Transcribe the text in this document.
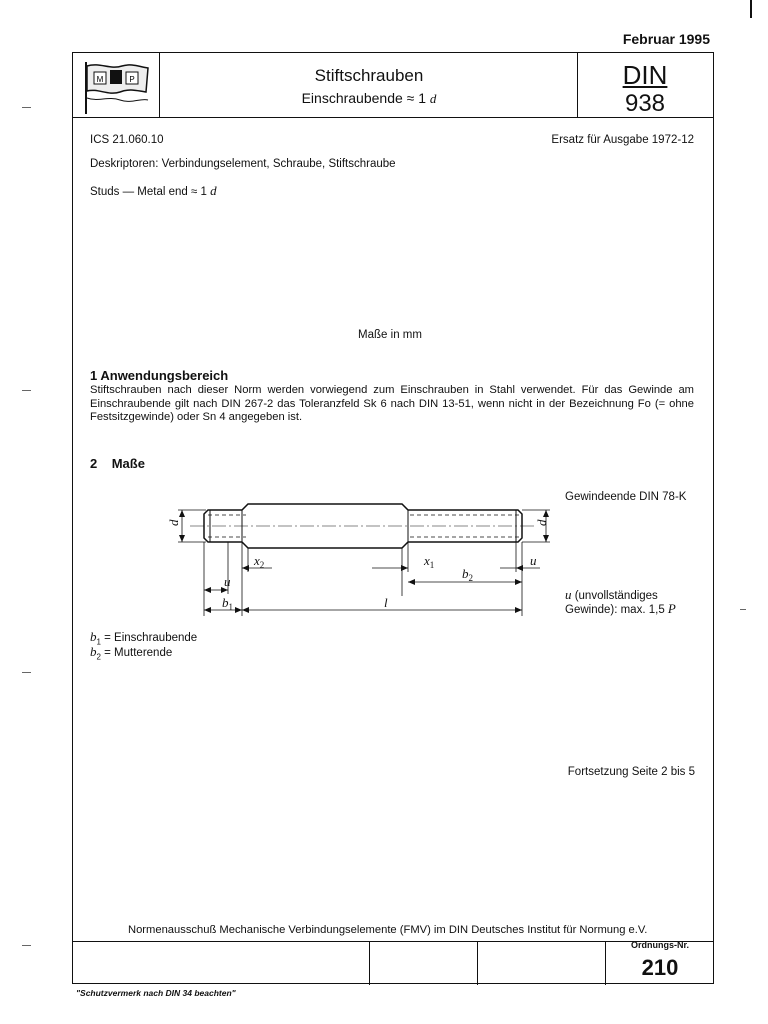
Februar 1995
M	P	Stiftschrauben
Einschraubende ≈ 1 d
DIN
938
ICS 21.060.10	Ersatz für Ausgabe 1972-12
Deskriptoren: Verbindungselement, Schraube, Stiftschraube
Studs — Metal end ≈ 1 d
Maße in mm
1 Anwendungsbereich
Stiftschrauben nach dieser Norm werden vorwiegend zum Einschrauben in Stahl verwendet. Für das Gewinde am Einschraubende gilt nach DIN 267-2 das Toleranzfeld Sk 6 nach DIN 13-51, wenn nicht in der Bezeichnung Fo (= ohne Festsitzgewinde) oder Sn 4 angegeben ist.
2 Maße
Gewindeende DIN 78-K
d	d
$x_2$	$x_1$	u
$b_2$
u
$b_1$	l
u (unvollständiges
Gewinde): max. 1,5 P
$b_1$ = Einschraubende
$b_2$ = Mutterende
Fortsetzung Seite 2 bis 5
Normenausschuß Mechanische Verbindungselemente (FMV) im DIN Deutsches Institut für Normung e.V.
Ordnungs-Nr.
210
"Schutzvermerk nach DIN 34 beachten"
